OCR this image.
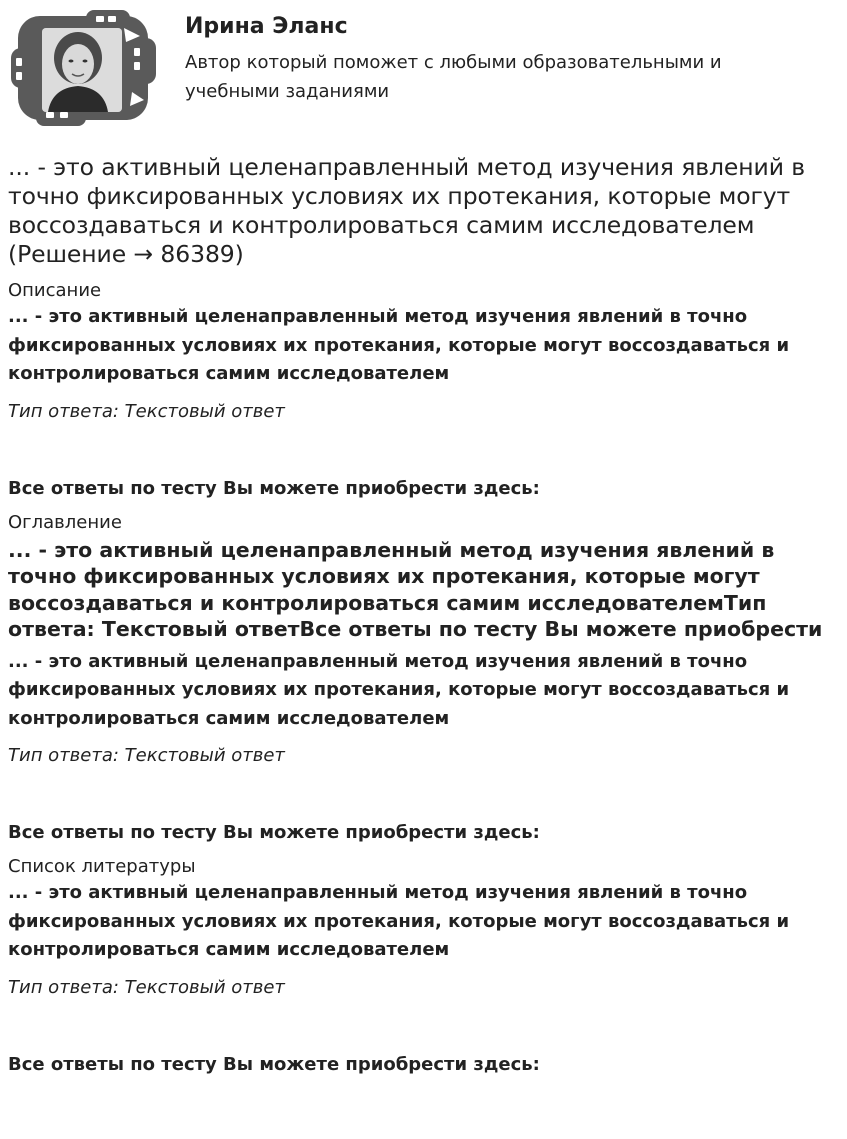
Ирина Эланс
Автор который поможет с любыми образовательными и учебными заданиями
... - это активный целенаправленный метод изучения явлений в точно фиксированных условиях их протекания, которые могут воссоздаваться и контролироваться самим исследователем (Решение → 86389)
Описание
... - это активный целенаправленный метод изучения явлений в точно фиксированных условиях их протекания, которые могут воссоздаваться и контролироваться самим исследователем
Тип ответа: Текстовый ответ
Все ответы по тесту Вы можете приобрести здесь:
Оглавление
... - это активный целенаправленный метод изучения явлений в точно фиксированных условиях их протекания, которые могут воссоздаваться и контролироваться самим исследователемТип ответа: Текстовый ответВсе ответы по тесту Вы можете приобрести
... - это активный целенаправленный метод изучения явлений в точно фиксированных условиях их протекания, которые могут воссоздаваться и контролироваться самим исследователем
Тип ответа: Текстовый ответ
Все ответы по тесту Вы можете приобрести здесь:
Список литературы
... - это активный целенаправленный метод изучения явлений в точно фиксированных условиях их протекания, которые могут воссоздаваться и контролироваться самим исследователем
Тип ответа: Текстовый ответ
Все ответы по тесту Вы можете приобрести здесь:
